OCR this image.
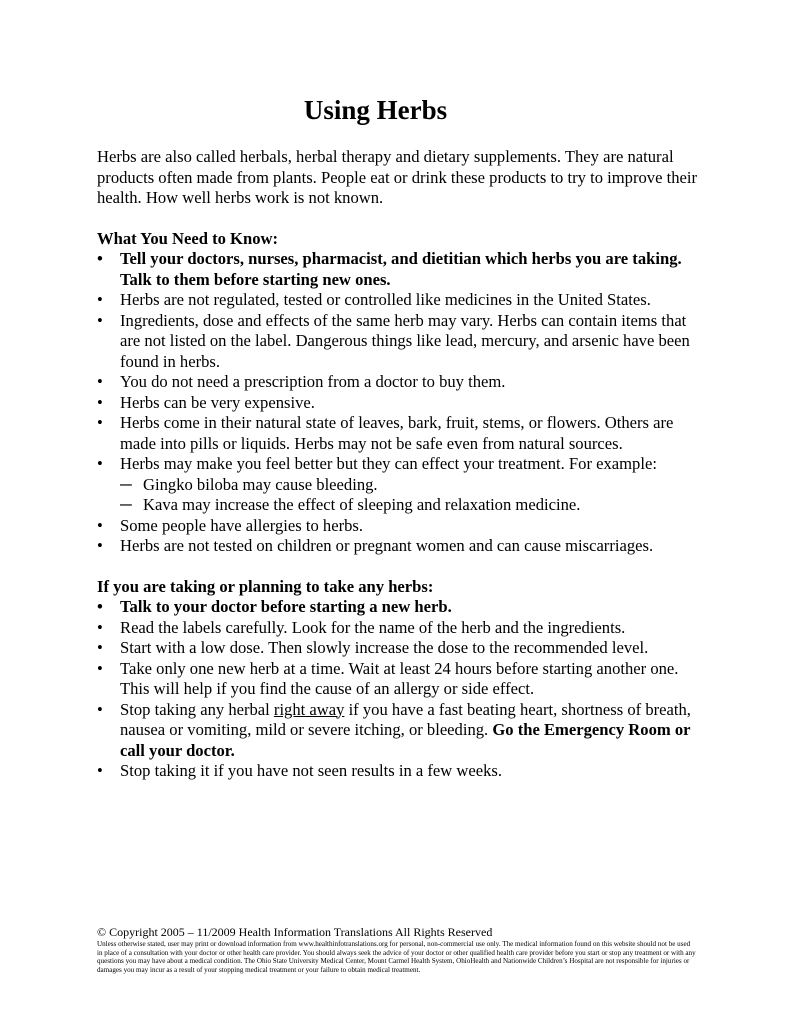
Using Herbs

Herbs are also called herbals, herbal therapy and dietary supplements. They are natural products often made from plants. People eat or drink these products to try to improve their health. How well herbs work is not known.

What You Need to Know:
• Tell your doctors, nurses, pharmacist, and dietitian which herbs you are taking. Talk to them before starting new ones.
• Herbs are not regulated, tested or controlled like medicines in the United States.
• Ingredients, dose and effects of the same herb may vary. Herbs can contain items that are not listed on the label. Dangerous things like lead, mercury, and arsenic have been found in herbs.
• You do not need a prescription from a doctor to buy them.
• Herbs can be very expensive.
• Herbs come in their natural state of leaves, bark, fruit, stems, or flowers. Others are made into pills or liquids. Herbs may not be safe even from natural sources.
• Herbs may make you feel better but they can effect your treatment. For example:
─ Gingko biloba may cause bleeding.
─ Kava may increase the effect of sleeping and relaxation medicine.
• Some people have allergies to herbs.
• Herbs are not tested on children or pregnant women and can cause miscarriages.
If you are taking or planning to take any herbs:
• Talk to your doctor before starting a new herb.
• Read the labels carefully. Look for the name of the herb and the ingredients.
• Start with a low dose. Then slowly increase the dose to the recommended level.
• Take only one new herb at a time. Wait at least 24 hours before starting another one. This will help if you find the cause of an allergy or side effect.
• Stop taking any herbal right away if you have a fast beating heart, shortness of breath, nausea or vomiting, mild or severe itching, or bleeding. Go the Emergency Room or call your doctor.
• Stop taking it if you have not seen results in a few weeks.
© Copyright 2005 – 11/2009 Health Information Translations All Rights Reserved
Unless otherwise stated, user may print or download information from www.healthinfotranslations.org for personal, non-commercial use only. The medical information found on this website should not be used in place of a consultation with your doctor or other health care provider. You should always seek the advice of your doctor or other qualified health care provider before you start or stop any treatment or with any questions you may have about a medical condition. The Ohio State University Medical Center, Mount Carmel Health System, OhioHealth and Nationwide Children’s Hospital are not responsible for injuries or damages you may incur as a result of your stopping medical treatment or your failure to obtain medical treatment.
